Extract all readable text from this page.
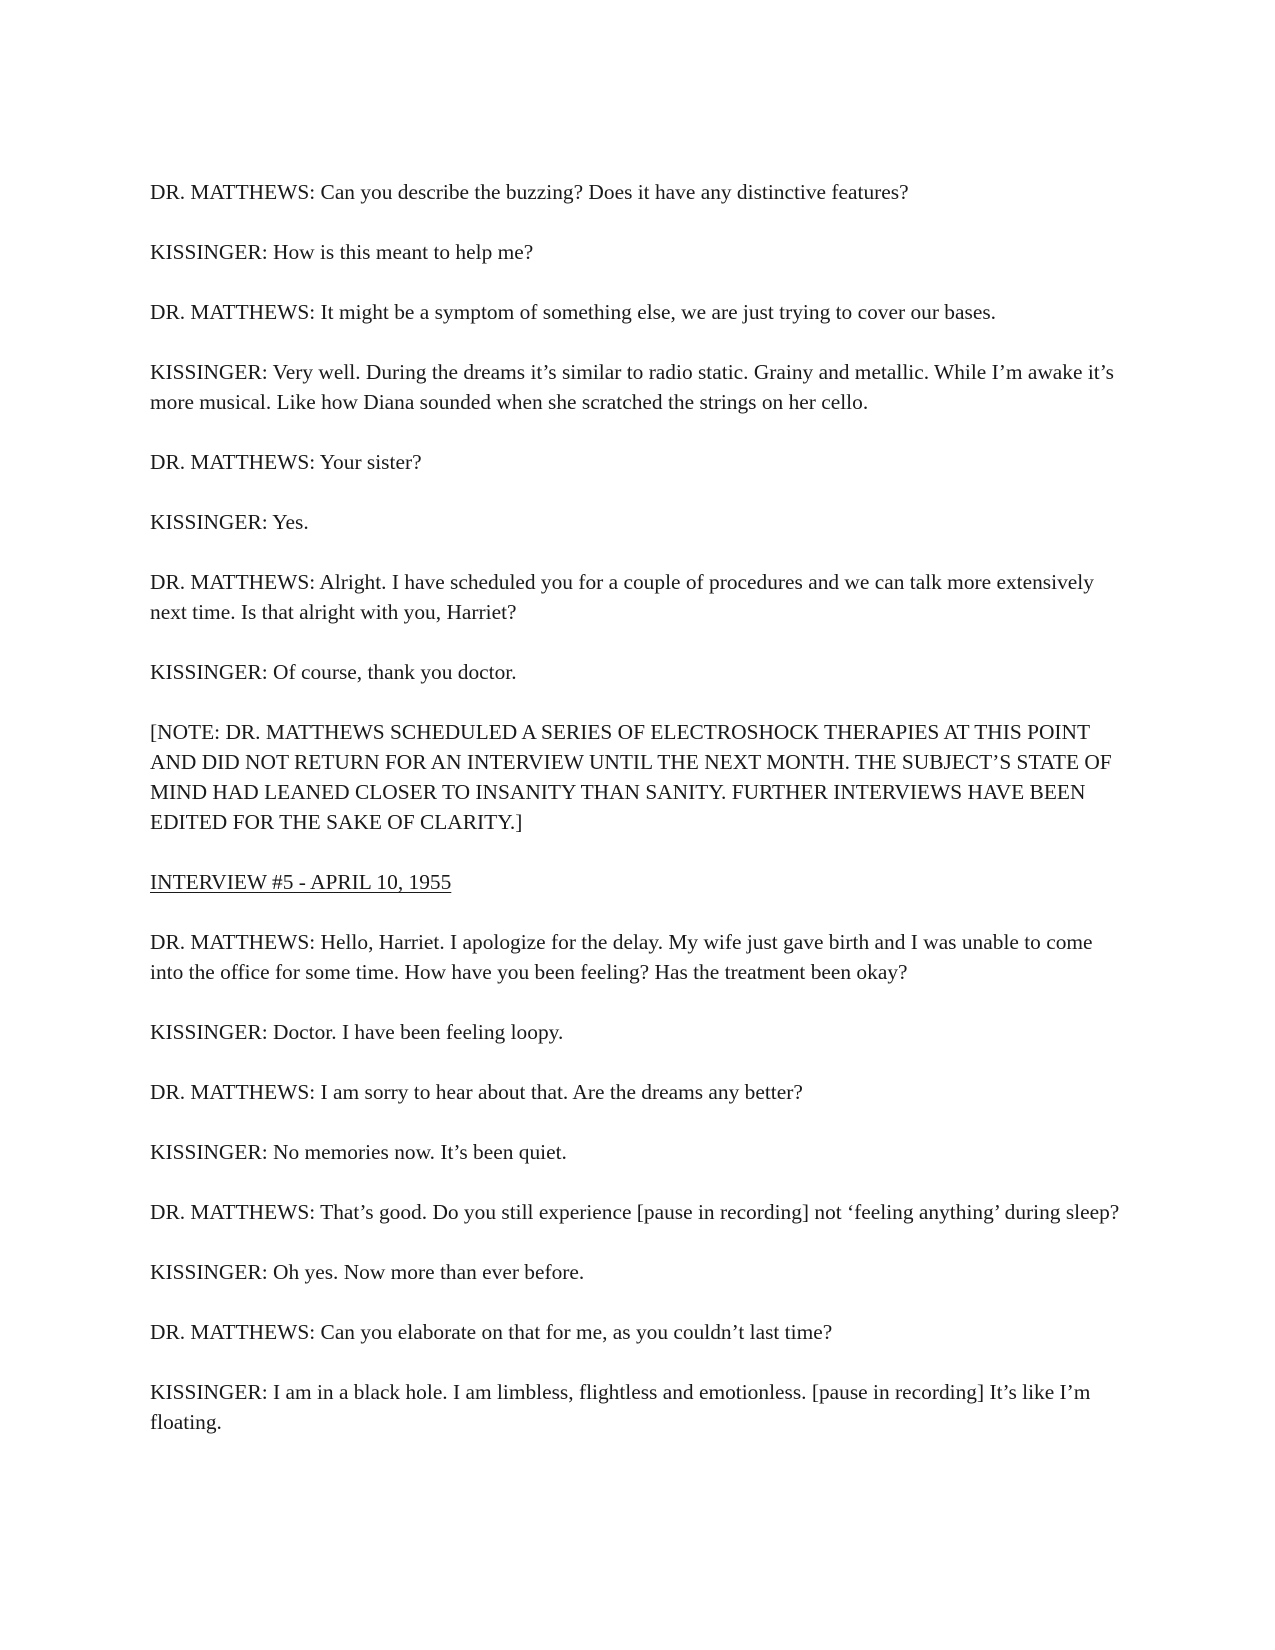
DR. MATTHEWS: Can you describe the buzzing? Does it have any distinctive features?

KISSINGER: How is this meant to help me?

DR. MATTHEWS: It might be a symptom of something else, we are just trying to cover our bases.

KISSINGER: Very well. During the dreams it’s similar to radio static. Grainy and metallic. While I’m awake it’s more musical. Like how Diana sounded when she scratched the strings on her cello.

DR. MATTHEWS: Your sister?

KISSINGER: Yes.

DR. MATTHEWS: Alright. I have scheduled you for a couple of procedures and we can talk more extensively next time. Is that alright with you, Harriet?

KISSINGER: Of course, thank you doctor.

[NOTE: DR. MATTHEWS SCHEDULED A SERIES OF ELECTROSHOCK THERAPIES AT THIS POINT AND DID NOT RETURN FOR AN INTERVIEW UNTIL THE NEXT MONTH. THE SUBJECT’S STATE OF MIND HAD LEANED CLOSER TO INSANITY THAN SANITY. FURTHER INTERVIEWS HAVE BEEN EDITED FOR THE SAKE OF CLARITY.]

INTERVIEW #5 - APRIL 10, 1955

DR. MATTHEWS: Hello, Harriet. I apologize for the delay. My wife just gave birth and I was unable to come into the office for some time. How have you been feeling? Has the treatment been okay?

KISSINGER: Doctor. I have been feeling loopy.

DR. MATTHEWS: I am sorry to hear about that. Are the dreams any better?

KISSINGER: No memories now. It’s been quiet.

DR. MATTHEWS: That’s good. Do you still experience [pause in recording] not ‘feeling anything’ during sleep?

KISSINGER: Oh yes. Now more than ever before.

DR. MATTHEWS: Can you elaborate on that for me, as you couldn’t last time?

KISSINGER: I am in a black hole. I am limbless, flightless and emotionless. [pause in recording] It’s like I’m floating.
